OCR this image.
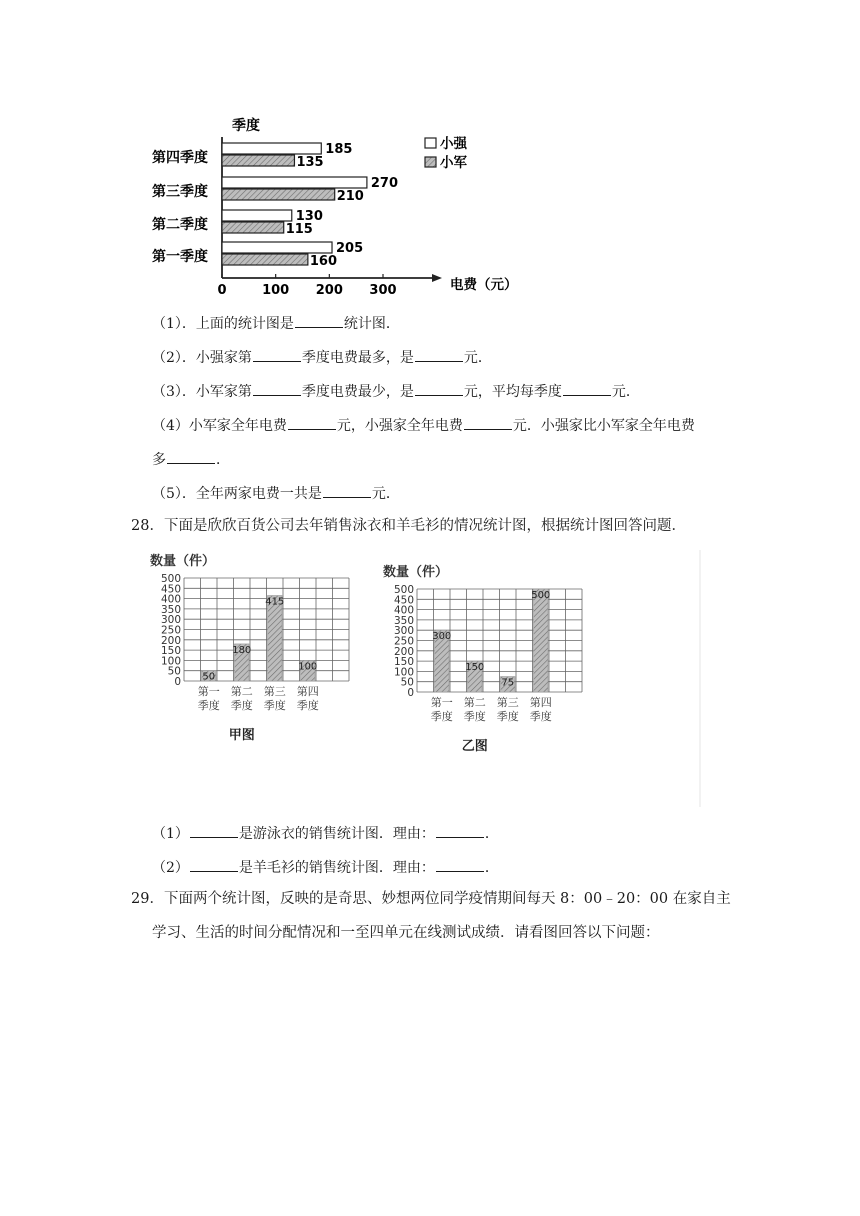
季度
0	100 200 300	电费（元）
第四季度
185
135
第三季度
270
210
第二季度
130
115
第一季度
205
160
小强
小军
（1）．上面的统计图是	统计图．
（2）．小强家第	季度电费最多，是	元．
（3）．小军家第	季度电费最少，是	元，平均每季度	元．
（4）小军家全年电费	元，小强家全年电费	元．小强家比小军家全年电费
多	．
（5）．全年两家电费一共是	元．
28．下面是欣欣百货公司去年销售泳衣和羊毛衫的情况统计图，根据统计图回答问题．
数量（件）
500
450
400
350
300
250
200
150
100
50
0 50
第一
季度
180
第二
季度
415
第三
季度
100
第四
季度
甲图
数量（件）
500
450
400
350
300
250
200
150
100
50
0
300
第一
季度
150
第二
季度
75
第三
季度
500
第四
季度
乙图
（1）	是游泳衣的销售统计图．理由：	．
（2）	是羊毛衫的销售统计图．理由：	．
29．下面两个统计图，反映的是奇思、妙想两位同学疫情期间每天 8：00﹣20：00 在家自主
学习、生活的时间分配情况和一至四单元在线测试成绩．请看图回答以下问题：
